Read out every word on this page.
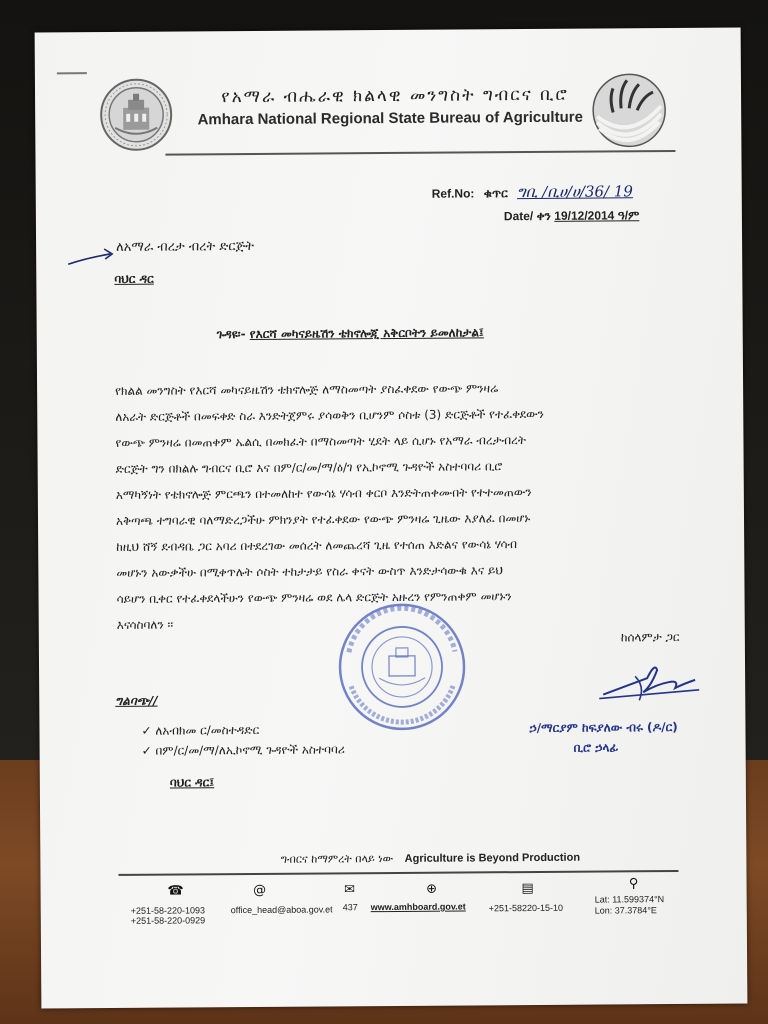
የአማራ ብሔራዊ ክልላዊ መንግስት ግብርና ቢሮ
Amhara National Regional State Bureau of Agriculture
Ref.No: ቁጥር ግቢ /ቢሀ/ሀ/36/ 19
Date/ ቀን 19/12/2014 ዓ/ም
ለአማራ ብረታ ብረት ድርጅት
ባህር ዳር
ጉዳዩ፡- የእርሻ መካናይዜሽን ቴክኖሎጂ አቅርቦትን ይመለከታል፤
የክልል መንግስት የእርሻ መካናይዜሽን ቴክኖሎጅ ለማስመጣት ያስፈቀደው የውጭ ምንዛሬ
ለአራት ድርጅቶች በመፍቀድ ስራ እንድትጀምሩ ያሳወቅን ቢሆንም ሶስቱ (3) ድርጅቶች የተፈቀደውን
የውጭ ምንዛሬ በመጠቀም ኤልሲ በመክፈት በማስመጣት ሂደት ላይ ሲሆኑ የአማራ ብረታብረት
ድርጅት ግን በክልሉ ግብርና ቢሮ እና በም/ር/መ/ማ/ዕ/ገ የኢኮኖሚ ጉዳዮች አስተባባሪ ቢሮ
አማካኝነት የቴክኖሎጅ ምርጫን በተመለከተ የውሳኔ ሃሳብ ቀርቦ እንድትጠቀሙበት የተተመጠውን
አቅጣጫ ተግባራዊ ባለማድረጋችሁ ምክንያት የተፈቀደው የውጭ ምንዛሬ ጊዜው እያለፈ በመሆኑ
ከዚህ ሸኝ ደብዳቤ ጋር አባሪ በተደረገው መሰረት ለመጨረሻ ጊዜ የተሰጠ እድልና የውሳኔ ሃሳብ
መሆኑን አውቃችሁ በሚቀጥሉት ሶስት ተከታታይ የስራ ቀናት ውስጥ እንድታሳውቁ እና ይህ
ሳይሆን ቢቀር የተፈቀደላችሁን የውጭ ምንዛሬ ወደ ሌላ ድርጅት አዙረን የምንጠቀም መሆኑን
እናሳስባለን ፡፡
ከሰላምታ ጋር
ኃ/ማርያም ከፍያለው ብሩ (ዶ/ር)
ቢሮ ኃላፊ
ግልባጭ//
✓ ለአብክመ ር/መስተዳድር
✓ በም/ር/መ/ማ/ለኢኮኖሚ ጉዳዮች አስተባባሪ
ባህር ዳር፤
ግብርና ከማምረት በላይ ነው Agriculture is Beyond Production
☎
+251-58-220-1093
+251-58-220-0929
@
office_head@aboa.gov.et
✉
437
⊕
www.amhboard.gov.et
▤
+251-58220-15-10
⚲
Lat: 11.599374°N
Lon: 37.3784°E
